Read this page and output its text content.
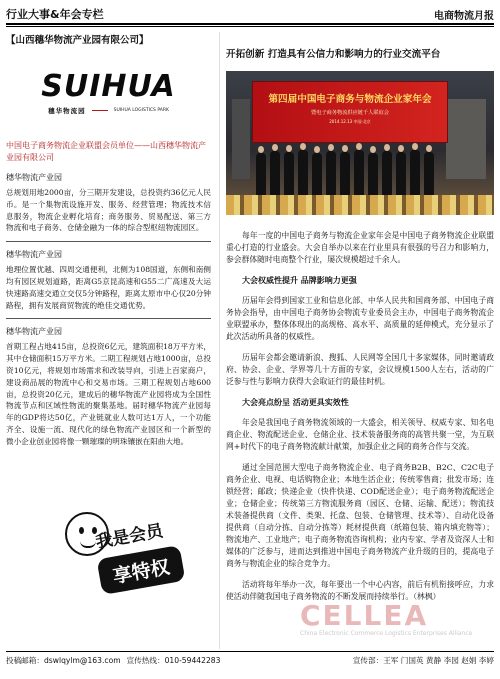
行业大事&年会专栏	电商物流月报
【山西穗华物流产业园有限公司】
SUIHUA
穗华物流园	SUIHUA LOGISTICS PARK
中国电子商务物流企业联盟会员单位——山西穗华物流产业园有限公司
穗华物流产业园
总规划用地2000亩，分三期开发建设，总投资约36亿元人民币。是一个集物流设施开发、服务、经营管理；物流技术信息服务，物流企业孵化培育；商务服务、贸易配送、第三方物流和电子商务、仓储金融为一体的综合型枢纽物流园区。
穗华物流产业园
地理位置优越、四周交通便利，北侧为108国道，东侧和南侧均有园区规划道路，距离G5京昆高速和G55二广高速及大运快速路高速交通立交仅5分钟路程，距离太原市中心仅20分钟路程，拥有发展商贸物流的绝佳交通优势。
穗华物流产业园
首期工程占地415亩，总投资6亿元，建筑面积18万平方米，其中仓储面积15万平方米。二期工程规划占地1000亩，总投资10亿元，将规划市场需求和改装导向，引进上百家商户，建设商品展的物流中心和交易市场。三期工程规划占地600亩，总投资20亿元，建成后的穗华物流产业园将成为全国性物流节点和区域性物流的聚集基地。届时穗华物流产业园每年的GDP将达50亿，产业链就业人数可达1万人，一个功能齐全、设施一流、现代化的绿色物流产业园区和一个新型的微小企业创业园将像一颗璀璨的明珠镶嵌在阳曲大地。
我是会员
享特权
开拓创新 打造具有公信力和影响力的行业交流平台
第四届中国电子商务与物流企业家年会
暨电子商务物流供应链千人联谊会
2014.12.13 中国·北京
每年一度的中国电子商务与物流企业家年会是中国电子商务物流企业联盟重心打造的行业盛会。大会自举办以来在行业里具有很强的号召力和影响力，参会群体随时电商整个行业，屡次规模超过千余人。
大会权威性提升 品牌影响力更强
历届年会得到国家工业和信息化部、中华人民共和国商务部、中国电子商务协会指导，由中国电子商务协会物流专业委员会主办，中国电子商务物流企业联盟承办，整体体现出的高规格、高水平、高质量的延伸模式，充分显示了此次活动所具备的权威性。
历届年会都会邀请新浪、搜狐、人民网等全国几十多家媒体，同时邀请政府、协会、企业、学界等几十方面的专家，会议规模1500人左右，活动的广泛参与性与影响力获得大会取证行的最佳时机。
大会亮点纷呈 活动更具实效性
年会是我国电子商务物流领域的一大盛会，相关领导、权威专家、知名电商企业、物流配送企业、仓储企业、技术装备服务商的高管共聚一堂，为互联网+时代下的电子商务物流献计献策，加强企业之间的商务合作与交流。
通过全国范围大型电子商务物流企业、电子商务B2B、B2C、C2C电子商务企业、电视、电话购物企业；本地生活企业；传统零售商；批发市场；连锁经营；邮政；快递企业（快件快递、COD配送企业）；电子商务物流配送企业；仓储企业；传统第三方物流服务商（园区、仓储、运输、配送）；物流技术装备提供商（文件、类架、托盘、包装、仓储管理、技术等）、自动化设备提供商（自动分拣、自动分拣等）耗材提供商（纸箱包装、箱内填充物等）；物流地产、工业地产；电子商务物流咨询机构；业内专家、学者及资深人士和媒体的广泛参与，进而达到推进中国电子商务物流产业升级的目的，提高电子商务与物流企业的综合竞争力。
活动将每年举办一次，每年要出一个中心内容，前后有机衔接呼应，力求使活动伴随我国电子商务物流的不断发展而持续举行。（林枫）
CELLEA
China Electronic Commerce Logistics Enterprises Alliance
投稿邮箱：dswlqylm@163.com 宣传热线：010-59442283	宣传部：王军 门国英 黄静 李园 赵娟 李婷
